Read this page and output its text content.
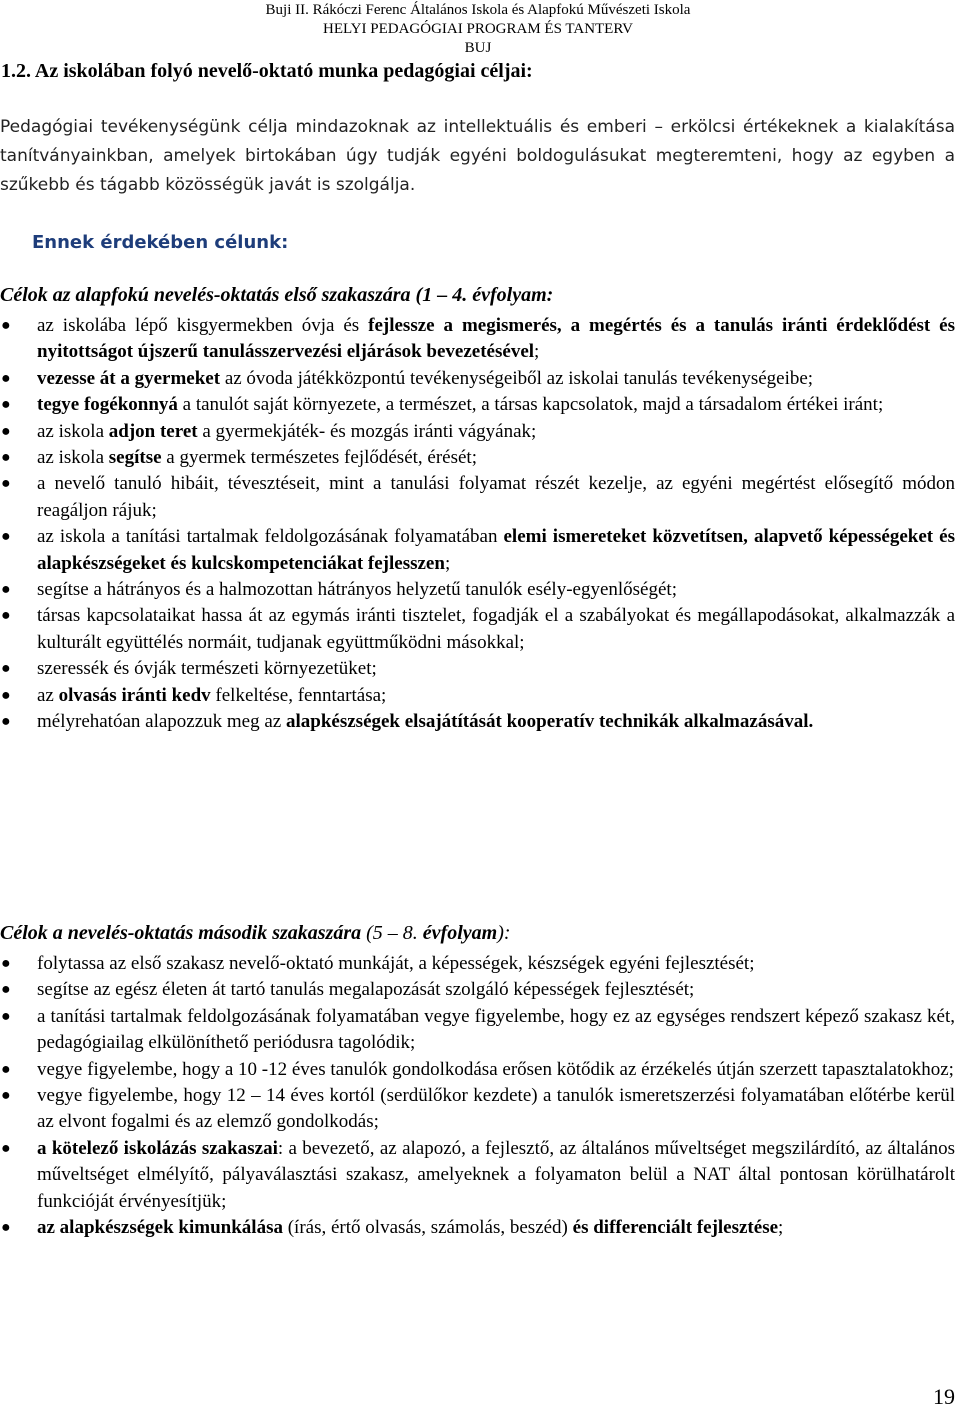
Buji II. Rákóczi Ferenc Általános Iskola és Alapfokú Művészeti Iskola
HELYI PEDAGÓGIAI PROGRAM ÉS TANTERV
BUJ
1.2. Az iskolában folyó nevelő-oktató munka pedagógiai céljai:

Pedagógiai tevékenységünk célja mindazoknak az intellektuális és emberi – erkölcsi értékeknek a kialakítása tanítványainkban, amelyek birtokában úgy tudják egyéni boldogulásukat megteremteni, hogy az egyben a szűkebb és tágabb közösségük javát is szolgálja.

Ennek érdekében célunk:
Célok az alapfokú nevelés-oktatás első szakaszára (1 – 4. évfolyam:
● az iskolába lépő kisgyermekben óvja és fejlessze a megismerés, a megértés és a tanulás iránti érdeklődést és nyitottságot újszerű tanulásszervezési eljárások bevezetésével;
● vezesse át a gyermeket az óvoda játékközpontú tevékenységeiből az iskolai tanulás tevékenységeibe;
● tegye fogékonnyá a tanulót saját környezete, a természet, a társas kapcsolatok, majd a társadalom értékei iránt;
● az iskola adjon teret a gyermekjáték- és mozgás iránti vágyának;
● az iskola segítse a gyermek természetes fejlődését, érését;
● a nevelő tanuló hibáit, tévesztéseit, mint a tanulási folyamat részét kezelje, az egyéni megértést elősegítő módon reagáljon rájuk;
● az iskola a tanítási tartalmak feldolgozásának folyamatában elemi ismereteket közvetítsen, alapvető képességeket és alapkészségeket és kulcskompetenciákat fejlesszen;
● segítse a hátrányos és a halmozottan hátrányos helyzetű tanulók esély-egyenlőségét;
● társas kapcsolataikat hassa át az egymás iránti tisztelet, fogadják el a szabályokat és megállapodásokat, alkalmazzák a kulturált együttélés normáit, tudjanak együttműködni másokkal;
● szeressék és óvják természeti környezetüket;
● az olvasás iránti kedv felkeltése, fenntartása;
● mélyrehatóan alapozzuk meg az alapkészségek elsajátítását kooperatív technikák alkalmazásával.
Célok a nevelés-oktatás második szakaszára (5 – 8. évfolyam):
● folytassa az első szakasz nevelő-oktató munkáját, a képességek, készségek egyéni fejlesztését;
● segítse az egész életen át tartó tanulás megalapozását szolgáló képességek fejlesztését;
● a tanítási tartalmak feldolgozásának folyamatában vegye figyelembe, hogy ez az egységes rendszert képező szakasz két, pedagógiailag elkülöníthető periódusra tagolódik;
● vegye figyelembe, hogy a 10 -12 éves tanulók gondolkodása erősen kötődik az érzékelés útján szerzett tapasztalatokhoz;
● vegye figyelembe, hogy 12 – 14 éves kortól (serdülőkor kezdete) a tanulók ismeretszerzési folyamatában előtérbe kerül az elvont fogalmi és az elemző gondolkodás;
● a kötelező iskolázás szakaszai: a bevezető, az alapozó, a fejlesztő, az általános műveltséget megszilárdító, az általános műveltséget elmélyítő, pályaválasztási szakasz, amelyeknek a folyamaton belül a NAT által pontosan körülhatárolt funkcióját érvényesítjük;
● az alapkészségek kimunkálása (írás, értő olvasás, számolás, beszéd) és differenciált fejlesztése;
19
